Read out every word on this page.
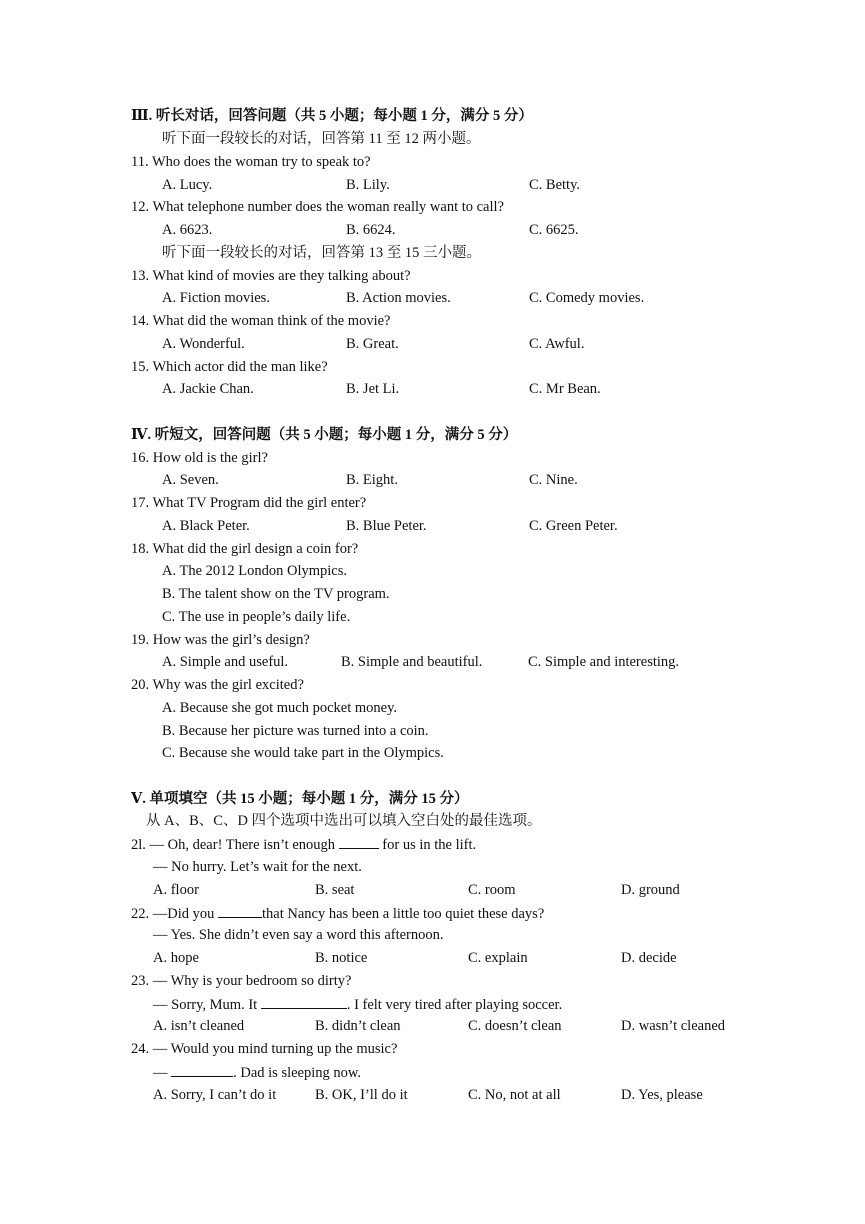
Ⅲ. 听长对话，回答问题（共 5 小题；每小题 1 分，满分 5 分）
听下面一段较长的对话，回答第 11 至 12 两小题。
11. Who does the woman try to speak to?
A. Lucy.	B. Lily.	C. Betty.
12. What telephone number does the woman really want to call?
A. 6623.	B. 6624.	C. 6625.
听下面一段较长的对话，回答第 13 至 15 三小题。
13. What kind of movies are they talking about?
A. Fiction movies.	B. Action movies.	C. Comedy movies.
14. What did the woman think of the movie?
A. Wonderful.	B. Great.	C. Awful.
15. Which actor did the man like?
A. Jackie Chan.	B. Jet Li.	C. Mr Bean.
Ⅳ. 听短文，回答问题（共 5 小题；每小题 1 分，满分 5 分）
16. How old is the girl?
A. Seven.	B. Eight.	C. Nine.
17. What TV Program did the girl enter?
A. Black Peter.	B. Blue Peter.	C. Green Peter.
18. What did the girl design a coin for?
A. The 2012 London Olympics.
B. The talent show on the TV program.
C. The use in people’s daily life.
19. How was the girl’s design?
A. Simple and useful.	B. Simple and beautiful.	C. Simple and interesting.
20. Why was the girl excited?
A. Because she got much pocket money.
B. Because her picture was turned into a coin.
C. Because she would take part in the Olympics.
Ⅴ. 单项填空（共 15 小题；每小题 1 分，满分 15 分）
从 A、B、C、D 四个选项中选出可以填入空白处的最佳选项。
2l. — Oh, dear! There isn’t enough	for us in the lift.
— No hurry. Let’s wait for the next.
A. floor	B. seat	C. room	D. ground
22. —Did you	that Nancy has been a little too quiet these days?
— Yes. She didn’t even say a word this afternoon.
A. hope	B. notice	C. explain	D. decide
23. — Why is your bedroom so dirty?
— Sorry, Mum. It	. I felt very tired after playing soccer.
A. isn’t cleaned	B. didn’t clean	C. doesn’t clean	D. wasn’t cleaned
24. — Would you mind turning up the music?
—	. Dad is sleeping now.
A. Sorry, I can’t do it	B. OK, I’ll do it	C. No, not at all	D. Yes, please
